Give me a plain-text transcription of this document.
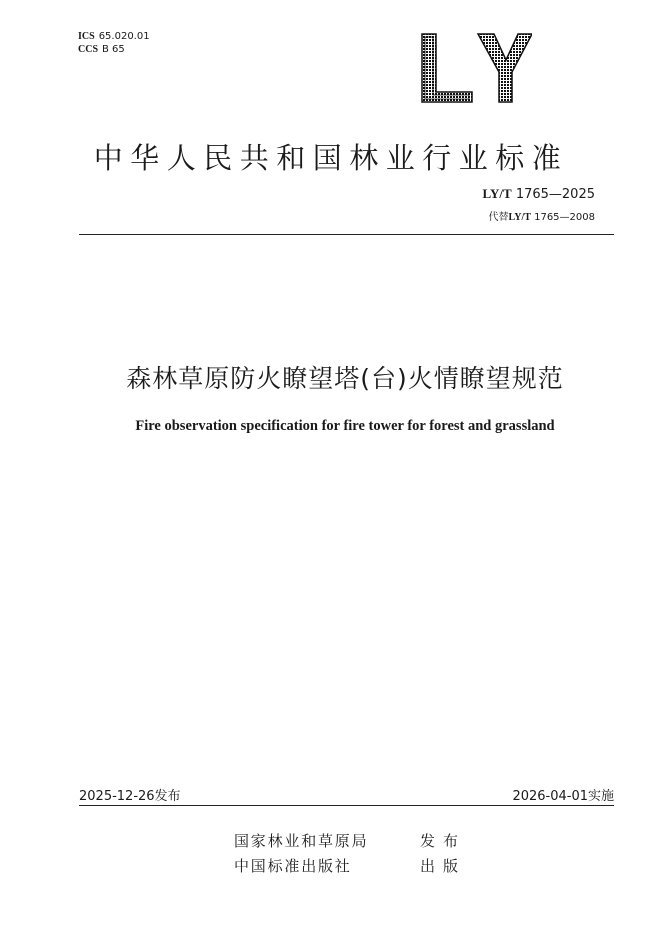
ICS 65.020.01
CCS B 65
中华人民共和国林业行业标准
LY/T 1765—2025
代替LY/T 1765—2008
森林草原防火瞭望塔(台)火情瞭望规范
Fire observation specification for fire tower for forest and grassland
2025-12-26发布	2026-04-01实施
国家林业和草原局	发布
中国标准出版社	出版
